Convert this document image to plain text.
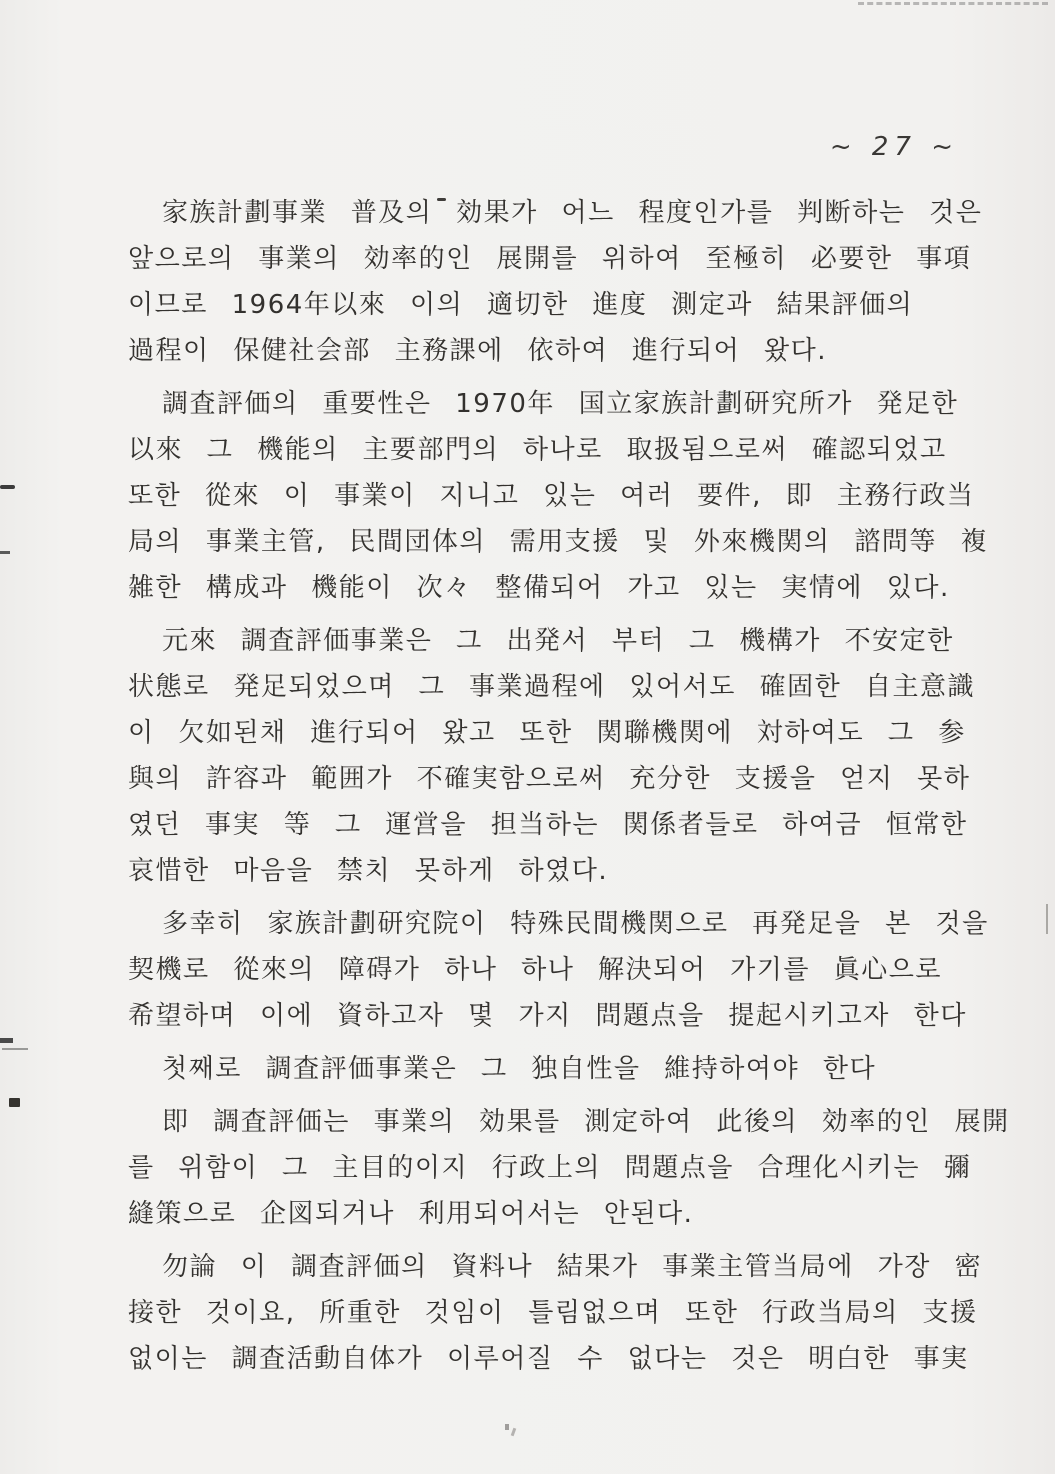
~ 27 ~
家族計劃事業 普及의 効果가 어느 程度인가를 判断하는 것은
앞으로의 事業의 効率的인 展開를 위하여 至極히 必要한 事項
이므로 1964年以來 이의 適切한 進度 測定과 結果評価의
過程이 保健社会部 主務課에 依하여 進行되어 왔다.
調査評価의 重要性은 1970年 国立家族計劃研究所가 発足한
以來 그 機能의 主要部門의 하나로 取扱됨으로써 確認되었고
또한 從來 이 事業이 지니고 있는 여러 要件, 即 主務行政当
局의 事業主管, 民間団体의 需用支援 및 外來機関의 諮問等 複
雑한 構成과 機能이 次々 整備되어 가고 있는 実情에 있다.
元來 調査評価事業은 그 出発서 부터 그 機構가 不安定한
状態로 発足되었으며 그 事業過程에 있어서도 確固한 自主意識
이 欠如된채 進行되어 왔고 또한 関聯機関에 対하여도 그 参
與의 許容과 範囲가 不確実함으로써 充分한 支援을 얻지 못하
였던 事実 等 그 運営을 担当하는 関係者들로 하여금 恒常한
哀惜한 마음을 禁치 못하게 하였다.
多幸히 家族計劃研究院이 特殊民間機関으로 再発足을 본 것을
契機로 從來의 障碍가 하나 하나 解決되어 가기를 眞心으로
希望하며 이에 資하고자 몇 가지 問題点을 提起시키고자 한다
첫째로 調査評価事業은 그 独自性을 維持하여야 한다
即 調査評価는 事業의 効果를 測定하여 此後의 効率的인 展開
를 위함이 그 主目的이지 行政上의 問題点을 合理化시키는 彌
縫策으로 企図되거나 利用되어서는 안된다.
勿論 이 調査評価의 資料나 結果가 事業主管当局에 가장 密
接한 것이요, 所重한 것임이 틀림없으며 또한 行政当局의 支援
없이는 調査活動自体가 이루어질 수 없다는 것은 明白한 事実
